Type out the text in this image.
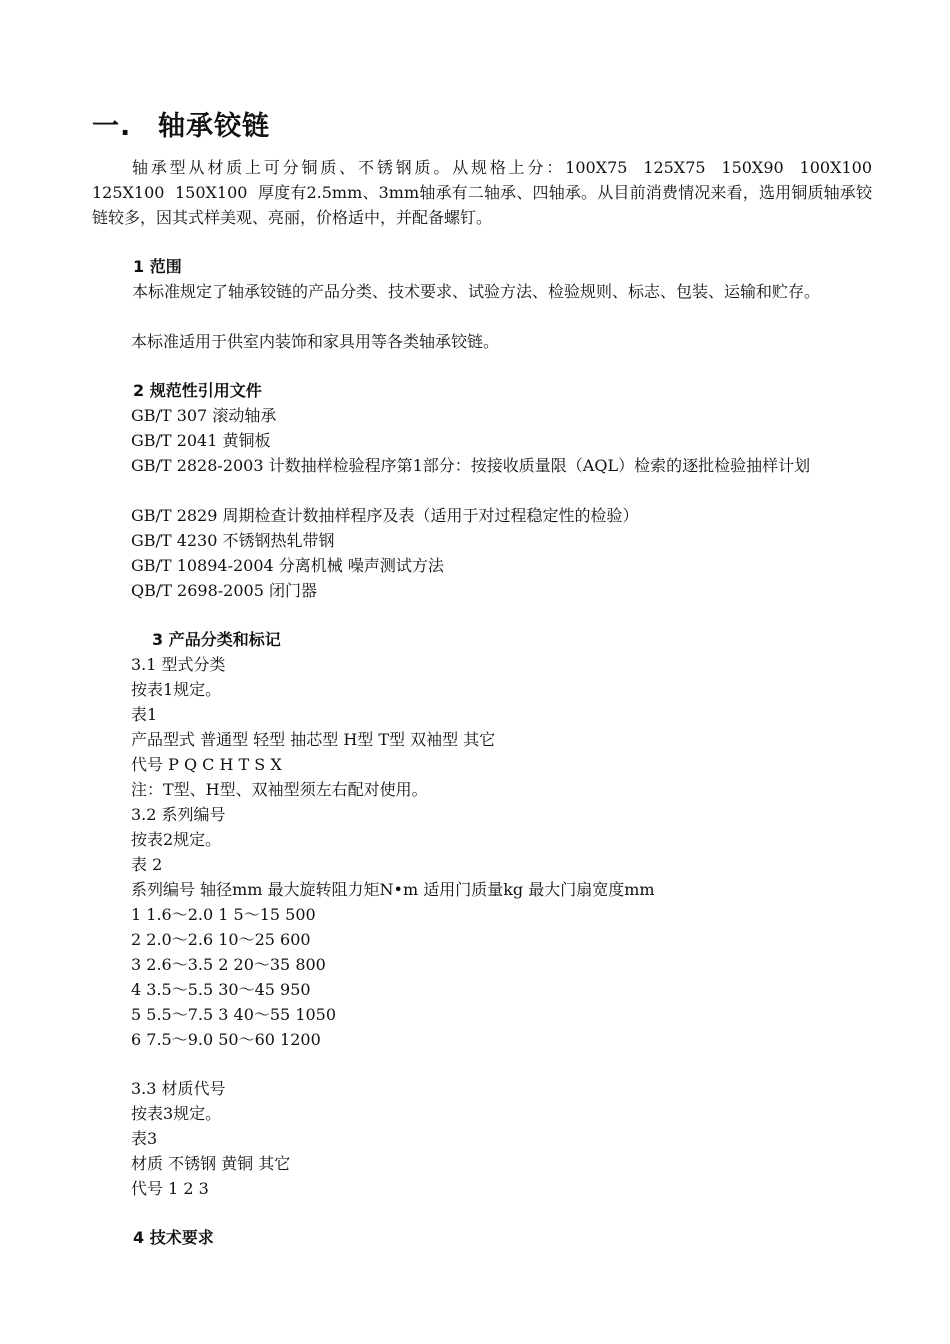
一. 轴承铰链
轴承型从材质上可分铜质、不锈钢质。从规格上分：100X75  125X75  150X90  100X100  125X100  150X100  厚度有2.5mm、3mm轴承有二轴承、四轴承。从目前消费情况来看，选用铜质轴承铰链较多，因其式样美观、亮丽，价格适中，并配备螺钉。
1 范围
本标准规定了轴承铰链的产品分类、技术要求、试验方法、检验规则、标志、包装、运输和贮存。
本标准适用于供室内装饰和家具用等各类轴承铰链。
2 规范性引用文件
GB/T 307 滚动轴承
GB/T 2041 黄铜板
GB/T 2828-2003 计数抽样检验程序第1部分：按接收质量限（AQL）检索的逐批检验抽样计划
GB/T 2829 周期检查计数抽样程序及表（适用于对过程稳定性的检验）
GB/T 4230 不锈钢热轧带钢
GB/T 10894-2004 分离机械 噪声测试方法
QB/T 2698-2005 闭门器
3 产品分类和标记
3.1 型式分类
按表1规定。
表1
产品型式 普通型 轻型 抽芯型 H型 T型 双袖型 其它
代号 P Q C H T S X
注：T型、H型、双袖型须左右配对使用。
3.2 系列编号
按表2规定。
表 2
系列编号 轴径mm 最大旋转阻力矩N•m 适用门质量kg 最大门扇宽度mm
1 1.6～2.0 1 5～15 500
2 2.0～2.6 10～25 600
3 2.6～3.5 2 20～35 800
4 3.5～5.5 30～45 950
5 5.5～7.5 3 40～55 1050
6 7.5～9.0 50～60 1200
3.3 材质代号
按表3规定。
表3
材质 不锈钢 黄铜 其它
代号 1 2 3
4 技术要求
